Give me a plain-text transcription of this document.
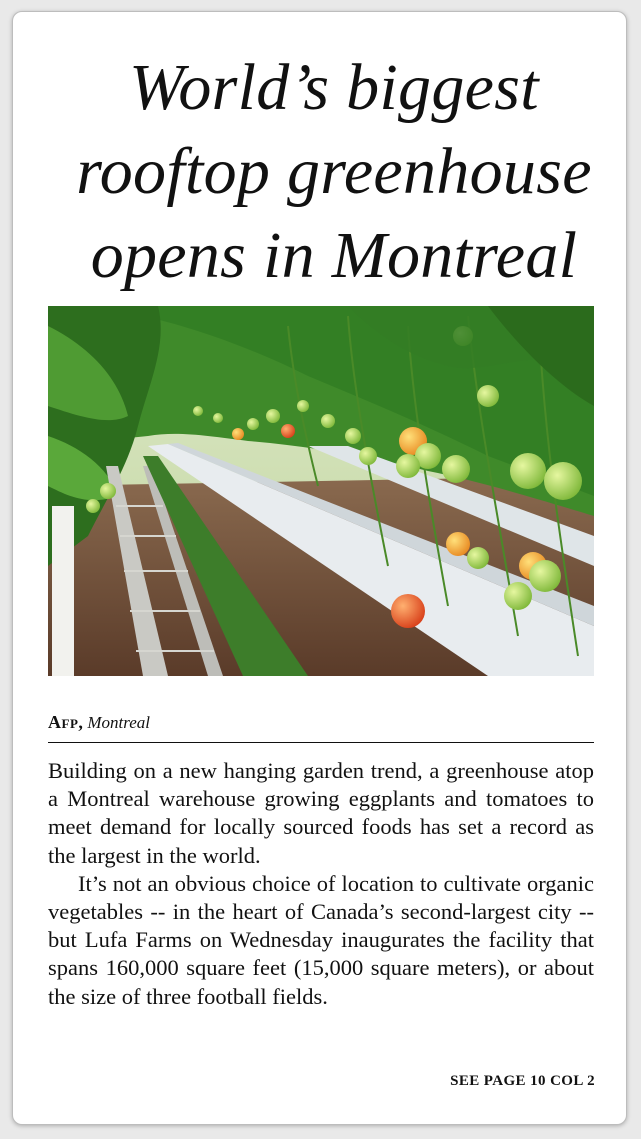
World’s biggest
rooftop greenhouse
opens in Montreal
Afp, Montreal

Building on a new hanging garden trend, a greenhouse atop a Montreal warehouse growing eggplants and tomatoes to meet demand for locally sourced foods has set a record as the largest in the world.

It’s not an obvious choice of location to cultivate organic vegetables -- in the heart of Canada’s second-largest city -- but Lufa Farms on Wednesday inaugurates the facility that spans 160,000 square feet (15,000 square meters), or about the size of three football fields.

SEE PAGE 10 COL 2
